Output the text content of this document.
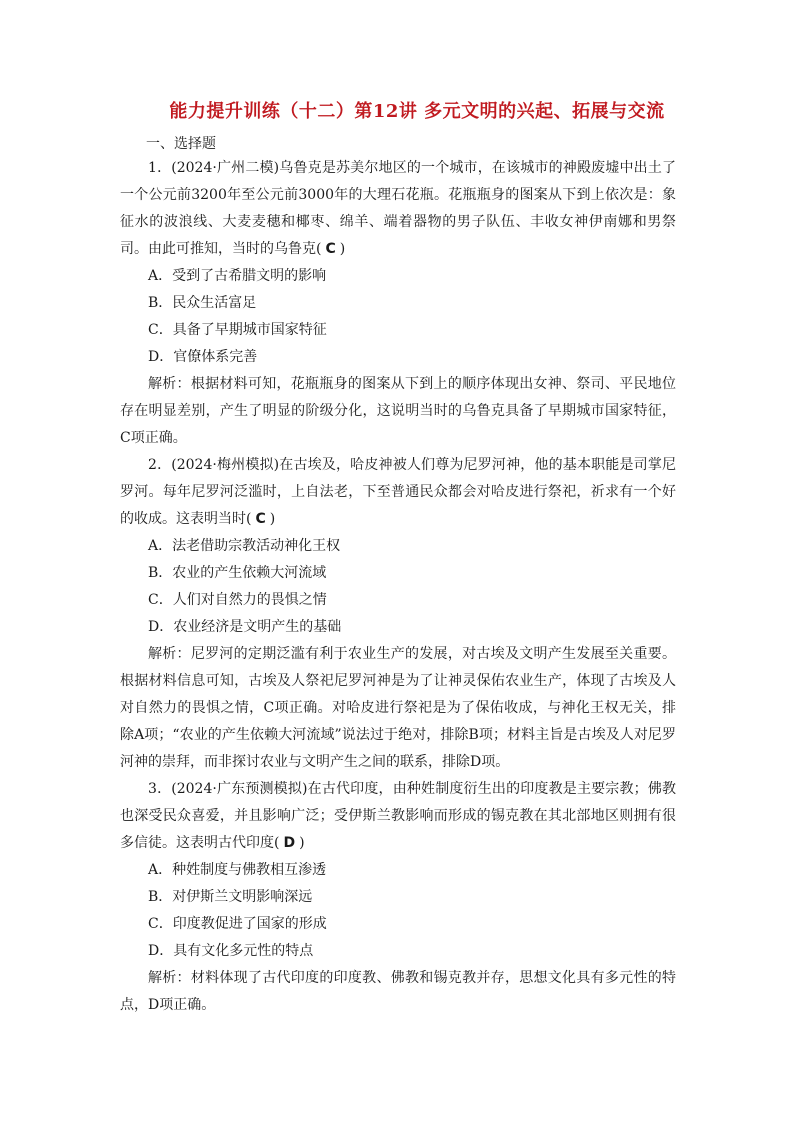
能力提升训练（十二）第12讲 多元文明的兴起、拓展与交流
一、选择题

1．(2024·广州二模)乌鲁克是苏美尔地区的一个城市，在该城市的神殿废墟中出土了一个公元前3200年至公元前3000年的大理石花瓶。花瓶瓶身的图案从下到上依次是：象征水的波浪线、大麦麦穗和椰枣、绵羊、端着器物的男子队伍、丰收女神伊南娜和男祭司。由此可推知，当时的乌鲁克( C )

A．受到了古希腊文明的影响

B．民众生活富足

C．具备了早期城市国家特征

D．官僚体系完善

解析：根据材料可知，花瓶瓶身的图案从下到上的顺序体现出女神、祭司、平民地位存在明显差别，产生了明显的阶级分化，这说明当时的乌鲁克具备了早期城市国家特征，C项正确。

2．(2024·梅州模拟)在古埃及，哈皮神被人们尊为尼罗河神，他的基本职能是司掌尼罗河。每年尼罗河泛滥时，上自法老，下至普通民众都会对哈皮进行祭祀，祈求有一个好的收成。这表明当时( C )

A．法老借助宗教活动神化王权

B．农业的产生依赖大河流域

C．人们对自然力的畏惧之情

D．农业经济是文明产生的基础

解析：尼罗河的定期泛滥有利于农业生产的发展，对古埃及文明产生发展至关重要。根据材料信息可知，古埃及人祭祀尼罗河神是为了让神灵保佑农业生产，体现了古埃及人对自然力的畏惧之情，C项正确。对哈皮进行祭祀是为了保佑收成，与神化王权无关，排除A项；“农业的产生依赖大河流域”说法过于绝对，排除B项；材料主旨是古埃及人对尼罗河神的崇拜，而非探讨农业与文明产生之间的联系，排除D项。

3．(2024·广东预测模拟)在古代印度，由种姓制度衍生出的印度教是主要宗教；佛教也深受民众喜爱，并且影响广泛；受伊斯兰教影响而形成的锡克教在其北部地区则拥有很多信徒。这表明古代印度( D )

A．种姓制度与佛教相互渗透

B．对伊斯兰文明影响深远

C．印度教促进了国家的形成

D．具有文化多元性的特点

解析：材料体现了古代印度的印度教、佛教和锡克教并存，思想文化具有多元性的特点，D项正确。
